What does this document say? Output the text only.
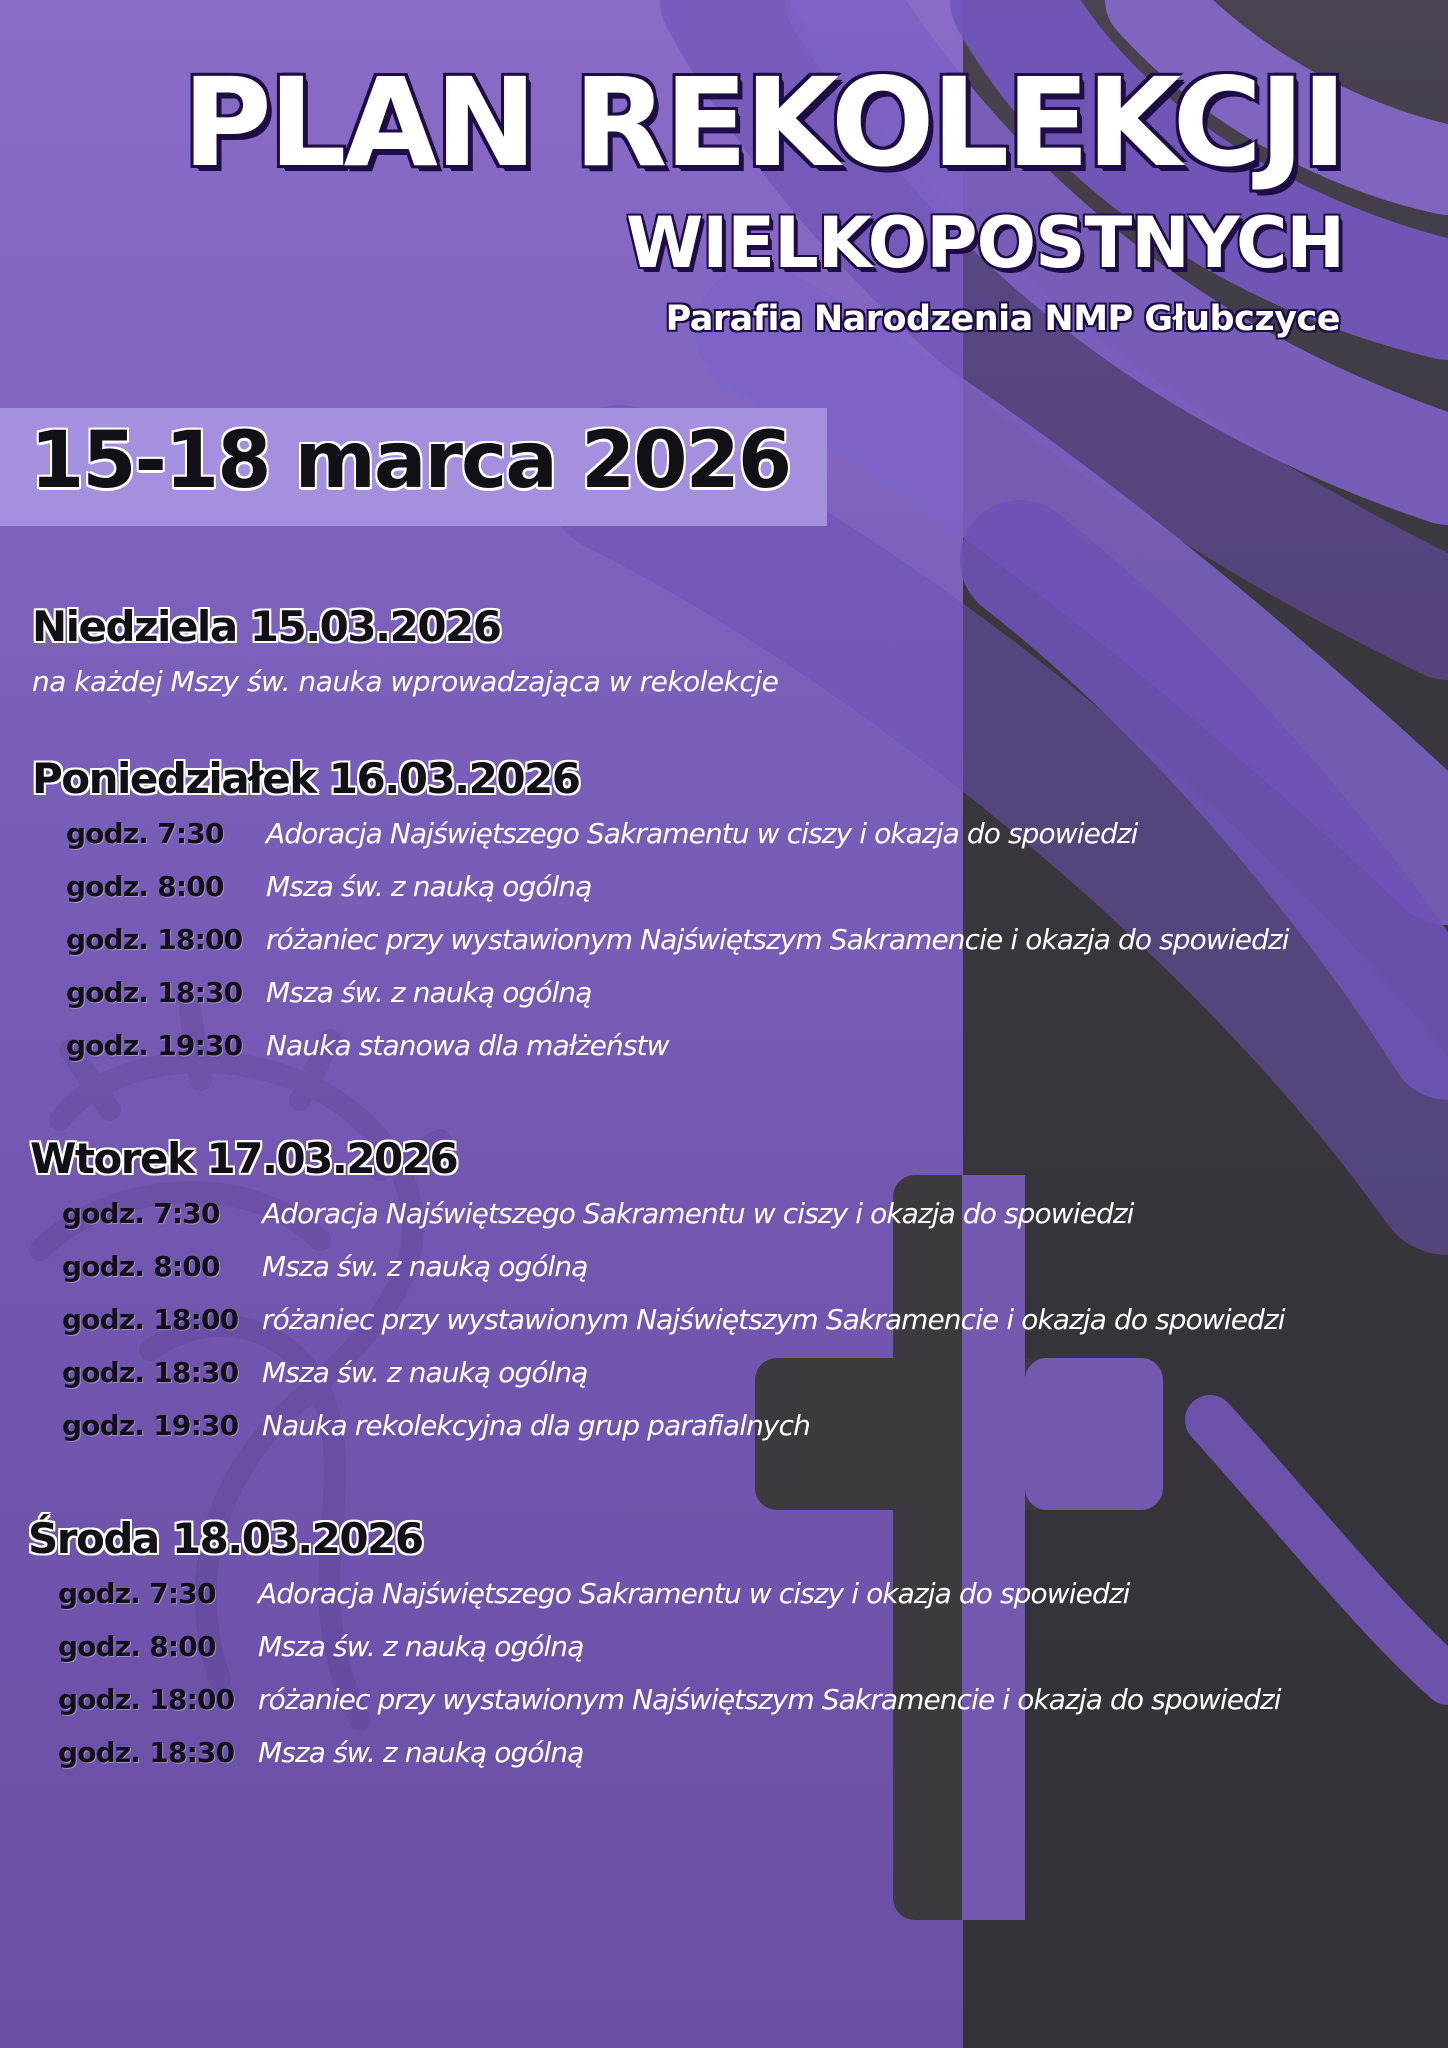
PLAN REKOLEKCJI
WIELKOPOSTNYCH

Parafia Narodzenia NMP Głubczyce

15-18 marca 2026

Niedziela 15.03.2026

na każdej Mszy św. nauka wprowadzająca w rekolekcje

Poniedziałek 16.03.2026
godz. 7:30 Adoracja Najświętszego Sakramentu w ciszy i okazja do spowiedzi
godz. 8:00 Msza św. z nauką ogólną
godz. 18:00 różaniec przy wystawionym Najświętszym Sakramencie i okazja do spowiedzi
godz. 18:30 Msza św. z nauką ogólną
godz. 19:30 Nauka stanowa dla małżeństw
Wtorek 17.03.2026
godz. 7:30 Adoracja Najświętszego Sakramentu w ciszy i okazja do spowiedzi
godz. 8:00 Msza św. z nauką ogólną
godz. 18:00 różaniec przy wystawionym Najświętszym Sakramencie i okazja do spowiedzi
godz. 18:30 Msza św. z nauką ogólną
godz. 19:30 Nauka rekolekcyjna dla grup parafialnych
Środa 18.03.2026
godz. 7:30 Adoracja Najświętszego Sakramentu w ciszy i okazja do spowiedzi
godz. 8:00 Msza św. z nauką ogólną
godz. 18:00 różaniec przy wystawionym Najświętszym Sakramencie i okazja do spowiedzi
godz. 18:30 Msza św. z nauką ogólną
